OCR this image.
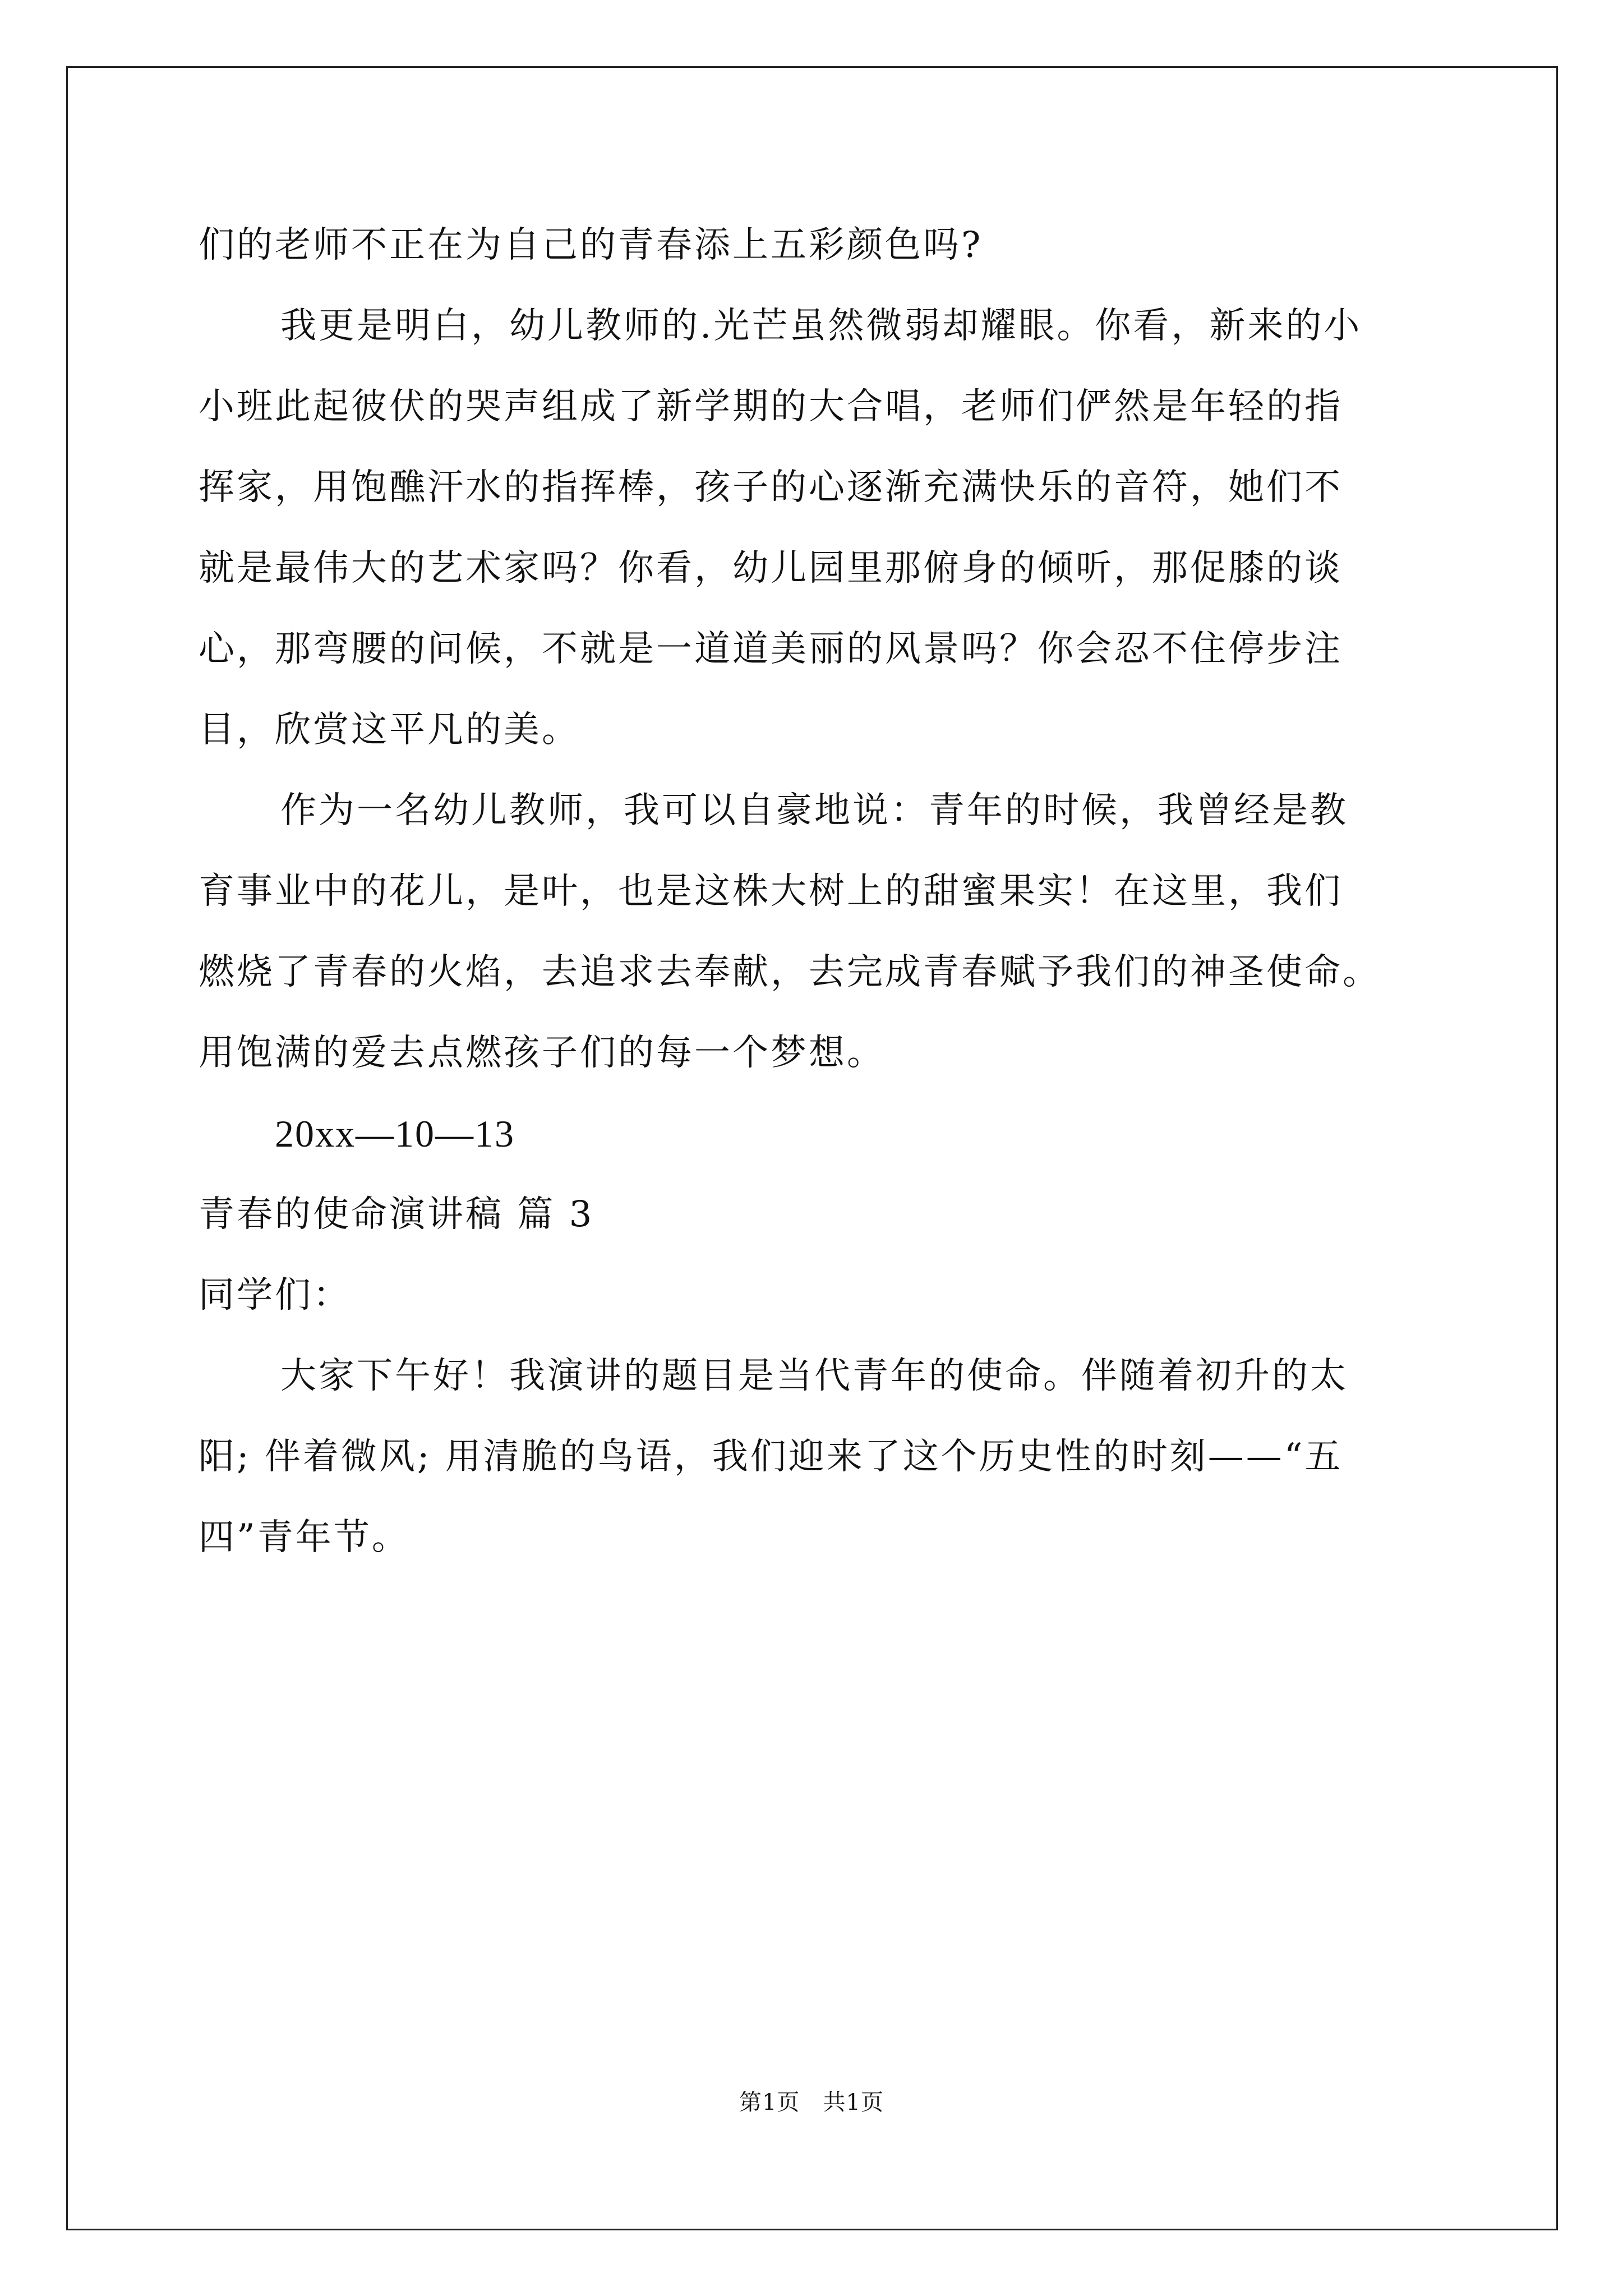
们的老师不正在为自己的青春添上五彩颜色吗?
我更是明白，幼儿教师的.光芒虽然微弱却耀眼。你看，新来的小
小班此起彼伏的哭声组成了新学期的大合唱，老师们俨然是年轻的指
挥家，用饱醮汗水的指挥棒，孩子的心逐渐充满快乐的音符，她们不
就是最伟大的艺术家吗？你看，幼儿园里那俯身的倾听，那促膝的谈
心，那弯腰的问候，不就是一道道美丽的风景吗？你会忍不住停步注
目，欣赏这平凡的美。
作为一名幼儿教师，我可以自豪地说：青年的时候，我曾经是教
育事业中的花儿，是叶，也是这株大树上的甜蜜果实！在这里，我们
燃烧了青春的火焰，去追求去奉献，去完成青春赋予我们的神圣使命。
用饱满的爱去点燃孩子们的每一个梦想。
20xx—10—13
青春的使命演讲稿 篇 3
同学们：
大家下午好！我演讲的题目是当代青年的使命。伴随着初升的太
阳; 伴着微风; 用清脆的鸟语，我们迎来了这个历史性的时刻——“五
四”青年节。
第1页   共1页
